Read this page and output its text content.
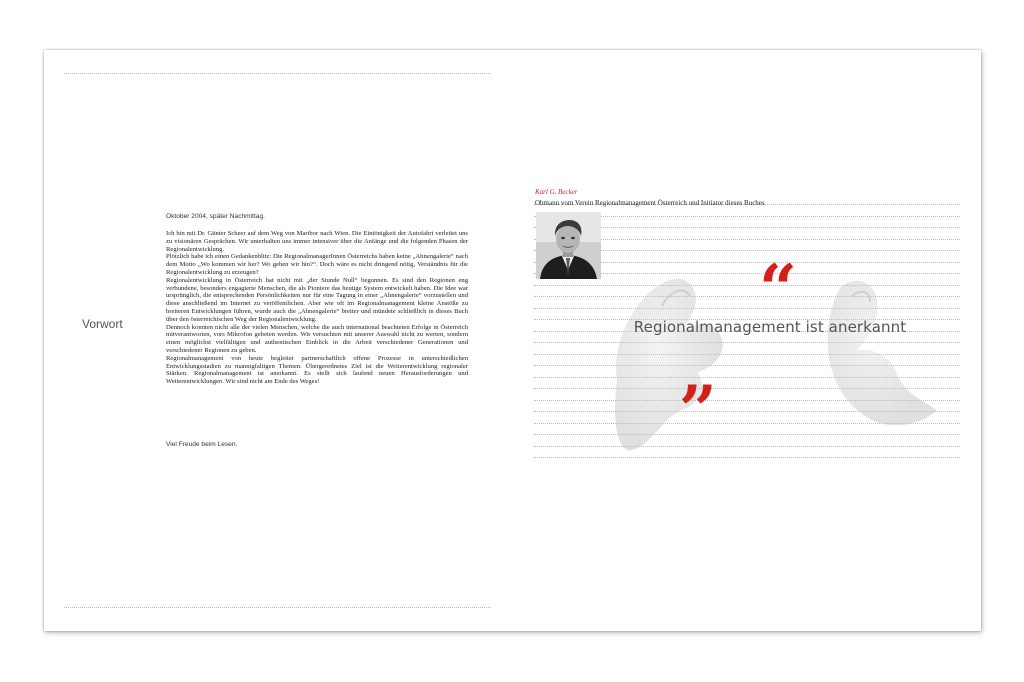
Vorwort
Oktober 2004, später Nachmittag.

Ich bin mit Dr. Günter Scheer auf dem Weg von Maribor nach Wien. Die Eintönigkeit der Autofahrt verleitet uns zu visionären Gesprächen. Wir unterhalten uns immer intensiver über die Anfänge und die folgenden Phasen der Regionalentwicklung.

Plötzlich habe ich einen Gedankenblitz: Die RegionalmanagerInnen Österreichs haben keine „Ahnengalerie“ nach dem Motto „Wo kommen wir her? Wo gehen wir hin?“. Doch wäre es nicht dringend nötig, Verständnis für die Regionalentwicklung zu erzeugen?

Regionalentwicklung in Österreich hat nicht mit „der Stunde Null“ begonnen. Es sind den Regionen eng verbundene, besonders engagierte Menschen, die als Pioniere das heutige System entwickelt haben. Die Idee war ursprünglich, die entsprechenden Persönlichkeiten nur für eine Tagung in einer „Ahnengalerie“ vorzustellen und diese anschließend im Internet zu veröffentlichen. Aber wie oft im Regionalmanagement kleine Anstöße zu breiteren Entwicklungen führen, wurde auch die „Ahnengalerie“ breiter und mündete schließlich in dieses Buch über den österreichischen Weg der Regionalentwicklung.

Dennoch konnten nicht alle der vielen Menschen, welche die auch international beachteten Erfolge in Österreich mitverantworten, vors Mikrofon gebeten werden. Wir versuchten mit unserer Auswahl nicht zu werten, sondern einen möglichst vielfältigen und authentischen Einblick in die Arbeit verschiedener Generationen und verschiedener Regionen zu geben.

Regionalmanagement von heute begleitet partnerschaftlich offene Prozesse in unterschiedlichen Entwicklungsstadien zu mannigfaltigen Themen. Übergeordnetes Ziel ist die Weiterentwicklung regionaler Stärken. Regionalmanagement ist anerkannt. Es stellt sich laufend neuen Herausforderungen und Weiterentwicklungen. Wir sind nicht am Ende des Weges!

Viel Freude beim Lesen.
Karl G. Becker
Obmann vom Verein Regionalmanagement Österreich und Initiator dieses Buches
“
„
Regionalmanagement ist anerkannt
